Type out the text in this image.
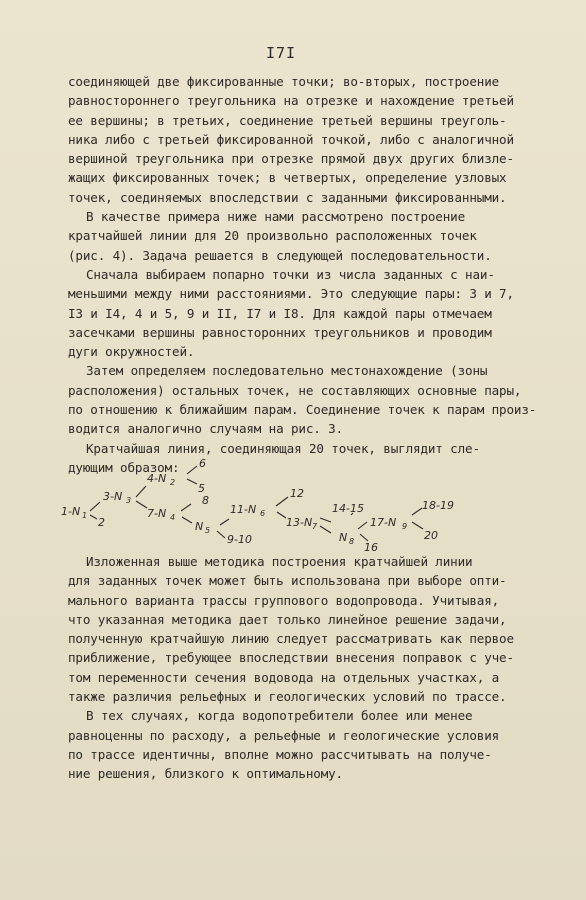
I7I
соединяющей две фиксированные точки; во-вторых, построение
равностороннего треугольника на отрезке и нахождение третьей
ее вершины; в третьих, соединение третьей вершины треуголь-
ника либо с третьей фиксированной точкой, либо с аналогичной
вершиной треугольника при отрезке прямой двух других близле-
жащих фиксированных точек; в четвертых, определение узловых
точек, соединяемых впоследствии с заданными фиксированными.
В качестве примера ниже нами рассмотрено построение
кратчайшей линии для 20 произвольно расположенных точек
(рис. 4). Задача решается в следующей последовательности.
Сначала выбираем попарно точки из числа заданных с наи-
меньшими между ними расстояниями. Это следующие пары: 3 и 7,
I3 и I4, 4 и 5, 9 и II, I7 и I8. Для каждой пары отмечаем
засечками вершины равносторонних треугольников и проводим
дуги окружностей.
Затем определяем последовательно местонахождение (зоны
расположения) остальных точек, не составляющих основные пары,
по отношению к ближайшим парам. Соединение точек к парам произ-
водится аналогично случаям на рис. 3.
Кратчайшая линия, соединяющая 20 точек, выглядит сле-
дующим образом:
1-N 1
2
3-N 3
4-N 2
6
5
7-N 4
8
N 5
9-10
11-N 6
12
13-N 7
14-15
N 8 16
17-N 9
18-19
20
Изложенная выше методика построения кратчайшей линии
для заданных точек может быть использована при выборе опти-
мального варианта трассы группового водопровода. Учитывая,
что указанная методика дает только линейное решение задачи,
полученную кратчайшую линию следует рассматривать как первое
приближение, требующее впоследствии внесения поправок с уче-
том переменности сечения водовода на отдельных участках, а
также различия рельефных и геологических условий по трассе.
В тех случаях, когда водопотребители более или менее
равноценны по расходу, а рельефные и геологические условия
по трассе идентичны, вполне можно рассчитывать на получе-
ние решения, близкого к оптимальному.
